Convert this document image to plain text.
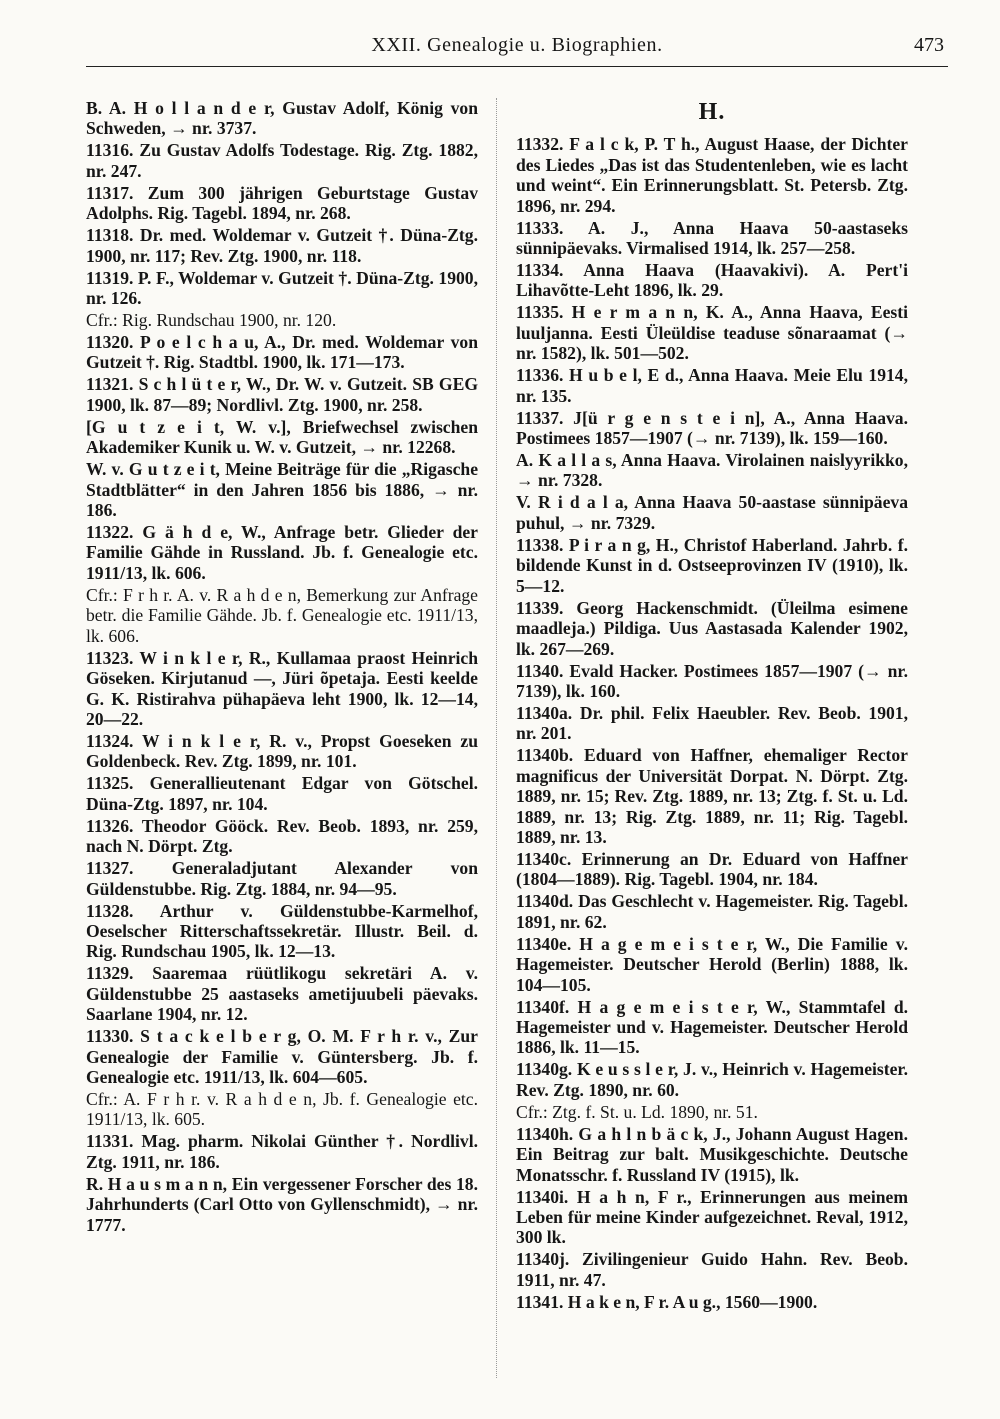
XXII. Genealogie u. Biographien.	473

B. A. H o l l a n d e r, Gustav Adolf, König von Schweden, → nr. 3737.

11316. Zu Gustav Adolfs Todestage. Rig. Ztg. 1882, nr. 247.

11317. Zum 300 jährigen Geburtstage Gustav Adolphs. Rig. Tagebl. 1894, nr. 268.

11318. Dr. med. Woldemar v. Gutzeit †. Düna-Ztg. 1900, nr. 117; Rev. Ztg. 1900, nr. 118.

11319. P. F., Woldemar v. Gutzeit †. Düna-Ztg. 1900, nr. 126.

Cfr.: Rig. Rundschau 1900, nr. 120.

11320. P o e l c h a u, A., Dr. med. Woldemar von Gutzeit †. Rig. Stadtbl. 1900, lk. 171—173.

11321. S c h l ü t e r, W., Dr. W. v. Gutzeit. SB GEG 1900, lk. 87—89; Nordlivl. Ztg. 1900, nr. 258.

[G u t z e i t, W. v.], Briefwechsel zwischen Akademiker Kunik u. W. v. Gutzeit, → nr. 12268.

W. v. G u t z e i t, Meine Beiträge für die „Rigasche Stadtblätter“ in den Jahren 1856 bis 1886, → nr. 186.

11322. G ä h d e, W., Anfrage betr. Glieder der Familie Gähde in Russland. Jb. f. Genealogie etc. 1911/13, lk. 606.

Cfr.: F r h r. A. v. R a h d e n, Bemerkung zur Anfrage betr. die Familie Gähde. Jb. f. Genealogie etc. 1911/13, lk. 606.

11323. W i n k l e r, R., Kullamaa praost Heinrich Göseken. Kirjutanud —, Jüri õpetaja. Eesti keelde G. K. Ristirahva pühapäeva leht 1900, lk. 12—14, 20—22.

11324. W i n k l e r, R. v., Propst Goeseken zu Goldenbeck. Rev. Ztg. 1899, nr. 101.

11325. Generallieutenant Edgar von Götschel. Düna-Ztg. 1897, nr. 104.

11326. Theodor Gööck. Rev. Beob. 1893, nr. 259, nach N. Dörpt. Ztg.

11327. Generaladjutant Alexander von Güldenstubbe. Rig. Ztg. 1884, nr. 94—95.

11328. Arthur v. Güldenstubbe-Karmelhof, Oeselscher Ritterschaftssekretär. Illustr. Beil. d. Rig. Rundschau 1905, lk. 12—13.

11329. Saaremaa rüütlikogu sekretäri A. v. Güldenstubbe 25 aastaseks ametijuubeli päevaks. Saarlane 1904, nr. 12.

11330. S t a c k e l b e r g, O. M. F r h r. v., Zur Genealogie der Familie v. Güntersberg. Jb. f. Genealogie etc. 1911/13, lk. 604—605.

Cfr.: A. F r h r. v. R a h d e n, Jb. f. Genealogie etc. 1911/13, lk. 605.

11331. Mag. pharm. Nikolai Günther †. Nordlivl. Ztg. 1911, nr. 186.

R. H a u s m a n n, Ein vergessener Forscher des 18. Jahrhunderts (Carl Otto von Gyllenschmidt), → nr. 1777.

H.

11332. F a l c k, P. T h., August Haase, der Dichter des Liedes „Das ist das Studentenleben, wie es lacht und weint“. Ein Erinnerungsblatt. St. Petersb. Ztg. 1896, nr. 294.

11333. A. J., Anna Haava 50-aastaseks sünnipäevaks. Virmalised 1914, lk. 257—258.

11334. Anna Haava (Haavakivi). A. Pert'i Lihavõtte-Leht 1896, lk. 29.

11335. H e r m a n n, K. A., Anna Haava, Eesti luuljanna. Eesti Üleüldise teaduse sõnaraamat (→ nr. 1582), lk. 501—502.

11336. H u b e l, E d., Anna Haava. Meie Elu 1914, nr. 135.

11337. J[ü r g e n s t e i n], A., Anna Haava. Postimees 1857—1907 (→ nr. 7139), lk. 159—160.

A. K a l l a s, Anna Haava. Virolainen naislyyrikko, → nr. 7328.

V. R i d a l a, Anna Haava 50-aastase sünnipäeva puhul, → nr. 7329.

11338. P i r a n g, H., Christof Haberland. Jahrb. f. bildende Kunst in d. Ostseeprovinzen IV (1910), lk. 5—12.

11339. Georg Hackenschmidt. (Üleilma esimene maadleja.) Pildiga. Uus Aastasada Kalender 1902, lk. 267—269.

11340. Evald Hacker. Postimees 1857—1907 (→ nr. 7139), lk. 160.

11340a. Dr. phil. Felix Haeubler. Rev. Beob. 1901, nr. 201.

11340b. Eduard von Haffner, ehemaliger Rector magnificus der Universität Dorpat. N. Dörpt. Ztg. 1889, nr. 15; Rev. Ztg. 1889, nr. 13; Ztg. f. St. u. Ld. 1889, nr. 13; Rig. Ztg. 1889, nr. 11; Rig. Tagebl. 1889, nr. 13.

11340c. Erinnerung an Dr. Eduard von Haffner (1804—1889). Rig. Tagebl. 1904, nr. 184.

11340d. Das Geschlecht v. Hagemeister. Rig. Tagebl. 1891, nr. 62.

11340e. H a g e m e i s t e r, W., Die Familie v. Hagemeister. Deutscher Herold (Berlin) 1888, lk. 104—105.

11340f. H a g e m e i s t e r, W., Stammtafel d. Hagemeister und v. Hagemeister. Deutscher Herold 1886, lk. 11—15.

11340g. K e u s s l e r, J. v., Heinrich v. Hagemeister. Rev. Ztg. 1890, nr. 60.

Cfr.: Ztg. f. St. u. Ld. 1890, nr. 51.

11340h. G a h l n b ä c k, J., Johann August Hagen. Ein Beitrag zur balt. Musikgeschichte. Deutsche Monatsschr. f. Russland IV (1915), lk.

11340i. H a h n, F r., Erinnerungen aus meinem Leben für meine Kinder aufgezeichnet. Reval, 1912, 300 lk.

11340j. Zivilingenieur Guido Hahn. Rev. Beob. 1911, nr. 47.

11341. H a k e n, F r. A u g., 1560—1900.
